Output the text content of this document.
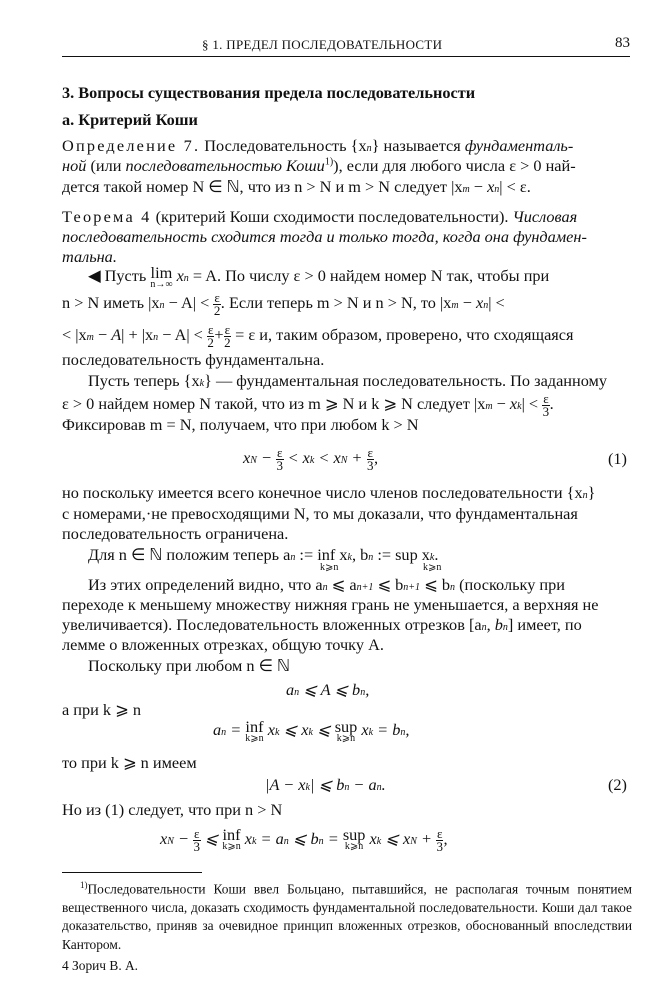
§ 1. ПРЕДЕЛ ПОСЛЕДОВАТЕЛЬНОСТИ	83
3. Вопросы существования предела последовательности
а. Критерий Коши
Определение 7. Последовательность {xn} называется фундаменталь-
ной (или последовательностью Коши$^{1)}$), если для любого числа ε > 0 най-
дется такой номер N ∈ ℕ, что из n > N и m > N следует |xm − xn| < ε.
Теорема 4 (критерий Коши сходимости последовательности). Числовая
последовательность сходится тогда и только тогда, когда она фундамен-
тальна.
◀ Пусть lim
n→∞ xn = A. По числу ε > 0 найдем номер N так, чтобы при
n > N иметь $|xn - A| < \frac{\varepsilon}{2}$ . Если теперь m > N и n > N, то |xm − xn| <
< $|xm - A| + |xn - A| < \frac{\varepsilon}{2} + \frac{\varepsilon}{2} = \varepsilon$ и, таким образом, проверено, что сходящаяся
последовательность фундаментальна.
Пусть теперь {xk} — фундаментальная последовательность. По заданному
ε > 0 найдем номер N такой, что из m ⩾ N и k ⩾ N следует $|xm - xk| < \frac{\varepsilon}{3}$ .
Фиксировав m = N, получаем, что при любом k > N
xN − $\frac{\varepsilon}{3}$ < xk < xN + $\frac{\varepsilon}{3}$ ,	(1)
но поскольку имеется всего конечное число членов последовательности {xn}
с номерами,·не превосходящими N, то мы доказали, что фундаментальная
последовательность ограничена.
Для n ∈ ℕ положим теперь an := inf xk, bn := sup xk.
k⩾n	k⩾n
Из этих определений видно, что an ⩽ an+1 ⩽ bn+1 ⩽ bn (поскольку при
переходе к меньшему множеству нижняя грань не уменьшается, а верхняя не
увеличивается). Последовательность вложенных отрезков [an, bn] имеет, по
лемме о вложенных отрезках, общую точку A.
Поскольку при любом n ∈ ℕ
an ⩽ A ⩽ bn,
а при k ⩾ n
an = inf
k⩾n xk ⩽ xk ⩽ sup
k⩾n xk = bn,
то при k ⩾ n имеем
|A − xk| ⩽ bn − an.	(2)
Но из (1) следует, что при n > N
xN − $\frac{\varepsilon}{3}$ ⩽ inf
k⩾n xk = an ⩽ bn = sup
k⩾n xk ⩽ xN + $\frac{\varepsilon}{3}$ ,
$^{1)}$Последовательности Коши ввел Больцано, пытавшийся, не располагая точным понятием вещественного числа, доказать сходимость фундаментальной последовательности. Коши дал такое доказательство, приняв за очевидное принцип вложенных отрезков, обоснованный впоследствии Кантором.
4 Зорич В. А.
